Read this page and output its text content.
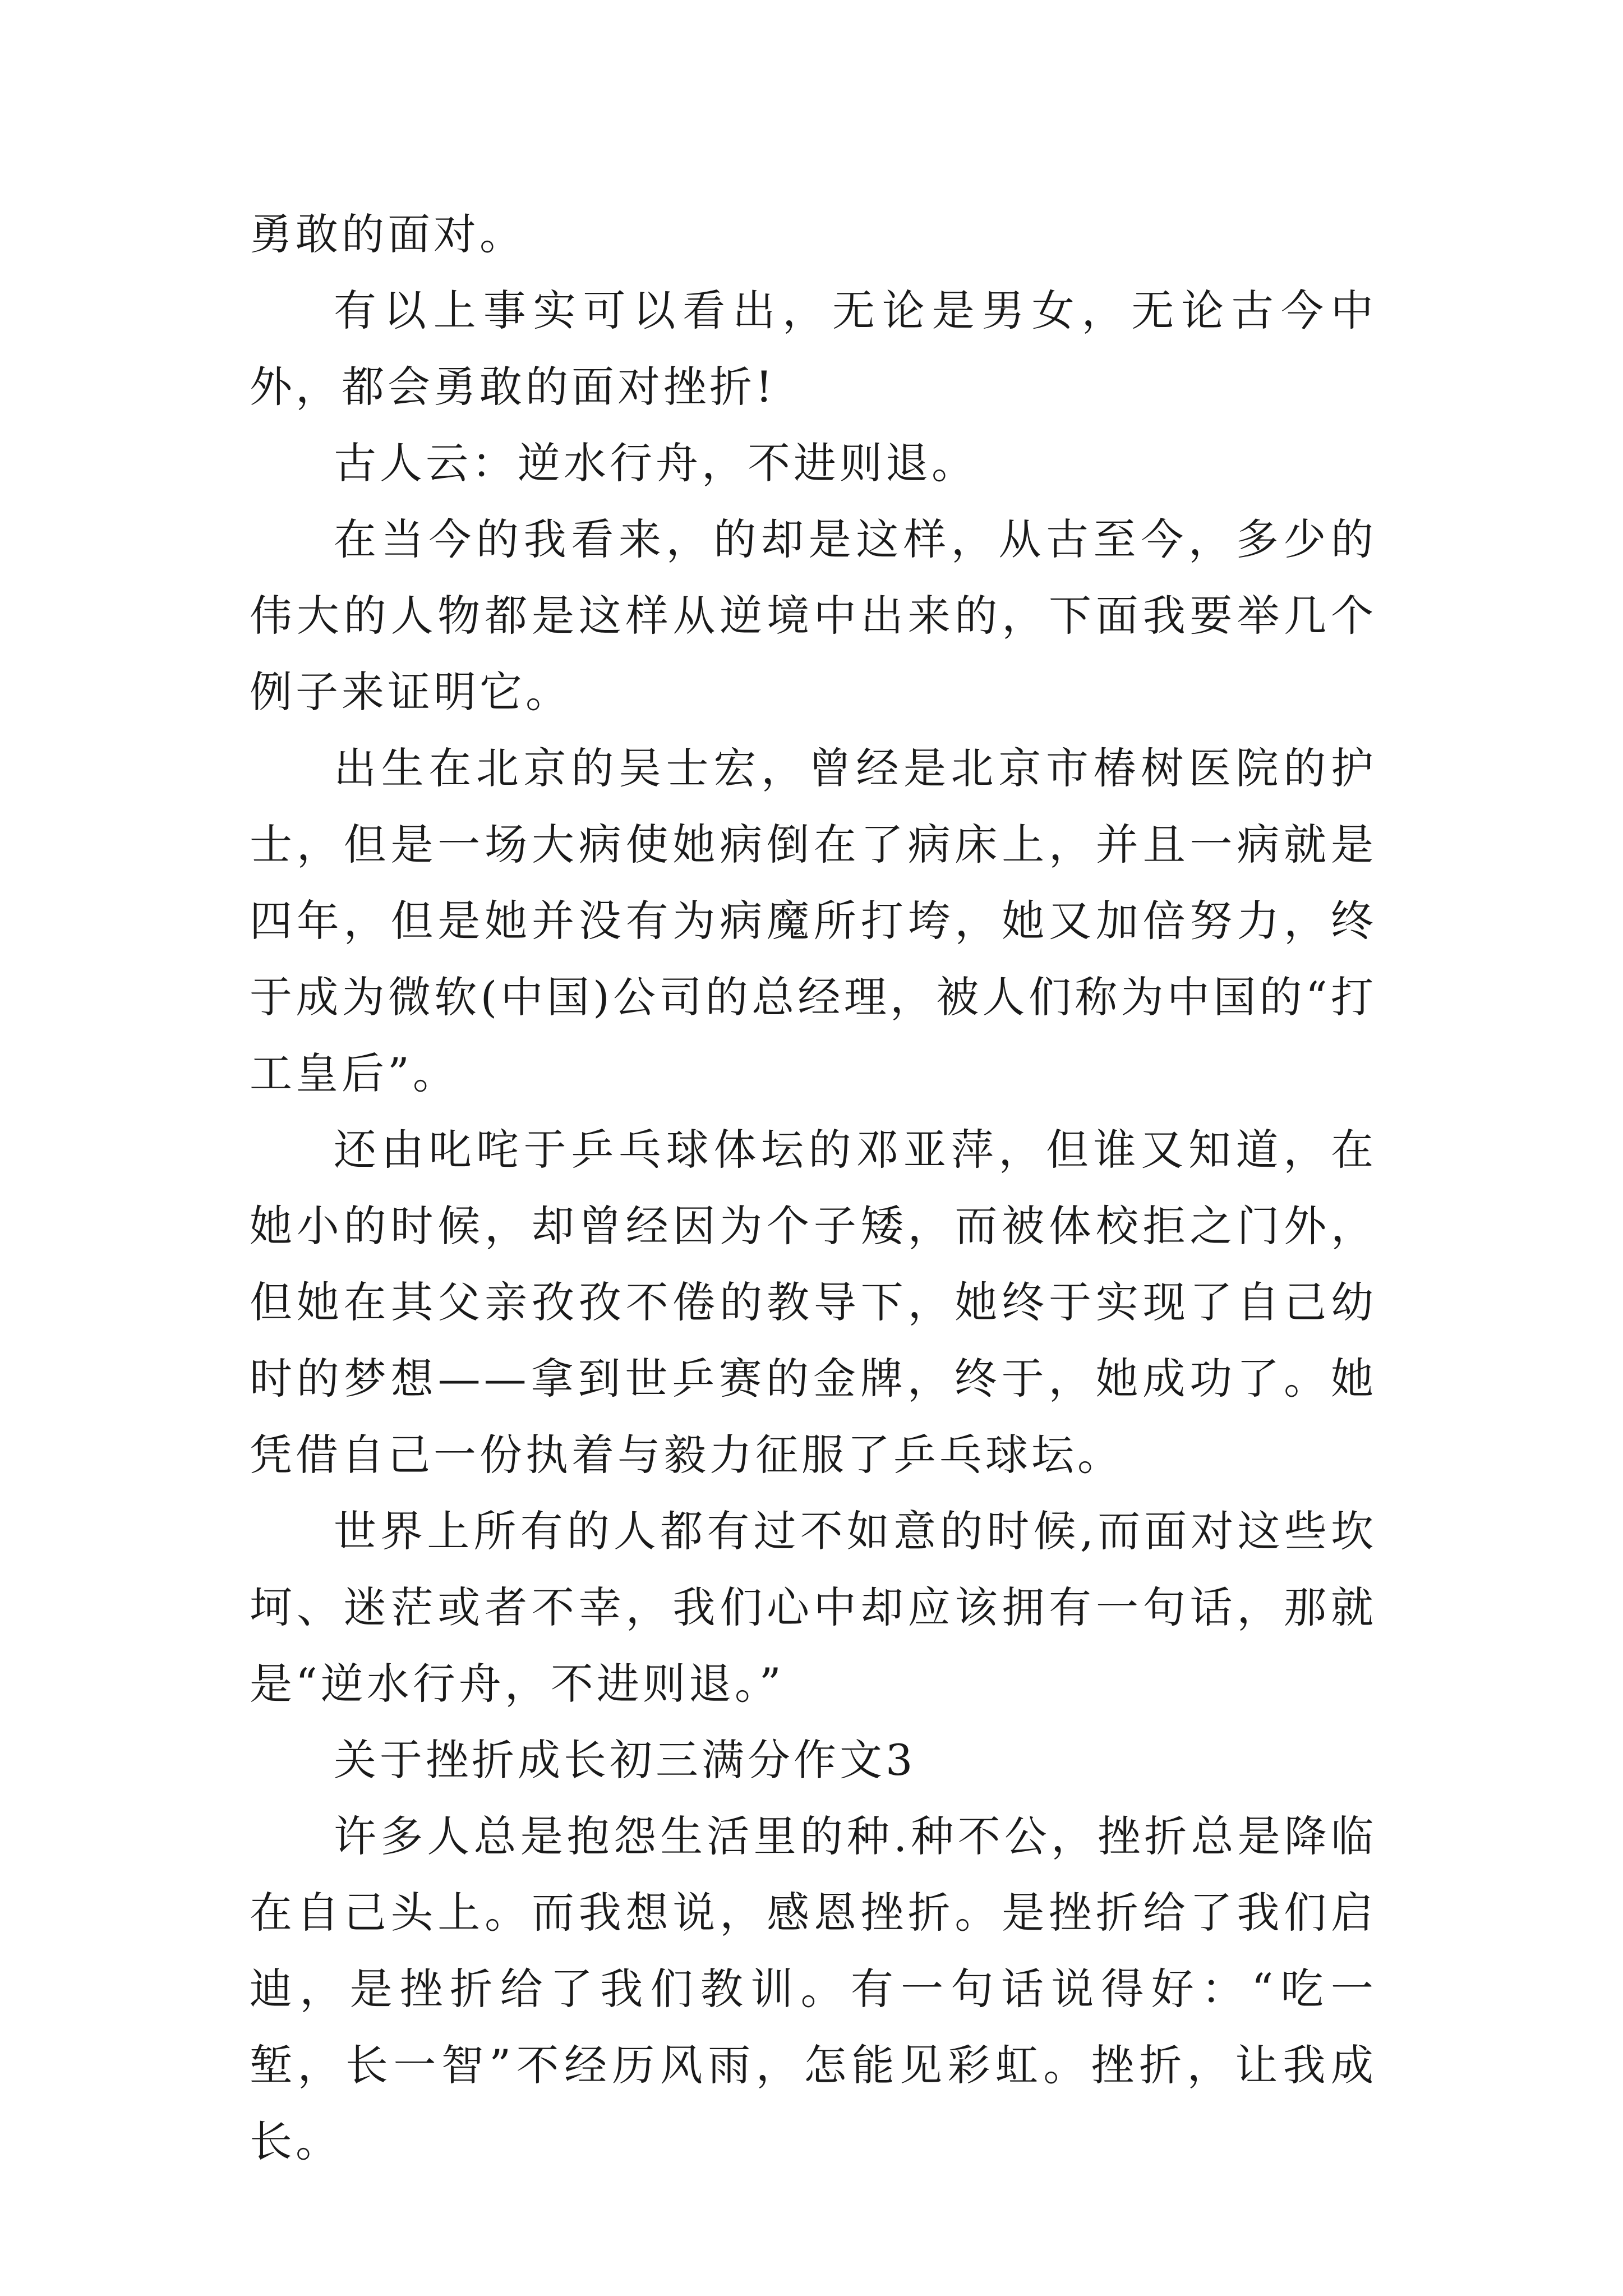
勇敢的面对。

有以上事实可以看出，无论是男女，无论古今中外，都会勇敢的面对挫折!

古人云：逆水行舟，不进则退。

在当今的我看来，的却是这样，从古至今，多少的伟大的人物都是这样从逆境中出来的，下面我要举几个例子来证明它。

出生在北京的吴士宏，曾经是北京市椿树医院的护士，但是一场大病使她病倒在了病床上，并且一病就是四年，但是她并没有为病魔所打垮，她又加倍努力，终于成为微软(中国)公司的总经理，被人们称为中国的“打工皇后”。

还由叱咤于乒乓球体坛的邓亚萍，但谁又知道，在她小的时候，却曾经因为个子矮，而被体校拒之门外，但她在其父亲孜孜不倦的教导下，她终于实现了自己幼时的梦想——拿到世乒赛的金牌，终于，她成功了。她凭借自己一份执着与毅力征服了乒乓球坛。

世界上所有的人都有过不如意的时候,而面对这些坎坷、迷茫或者不幸，我们心中却应该拥有一句话，那就是“逆水行舟，不进则退。”

关于挫折成长初三满分作文3

许多人总是抱怨生活里的种.种不公，挫折总是降临在自己头上。而我想说，感恩挫折。是挫折给了我们启迪，是挫折给了我们教训。有一句话说得好：“吃一堑，长一智”不经历风雨，怎能见彩虹。挫折，让我成长。
